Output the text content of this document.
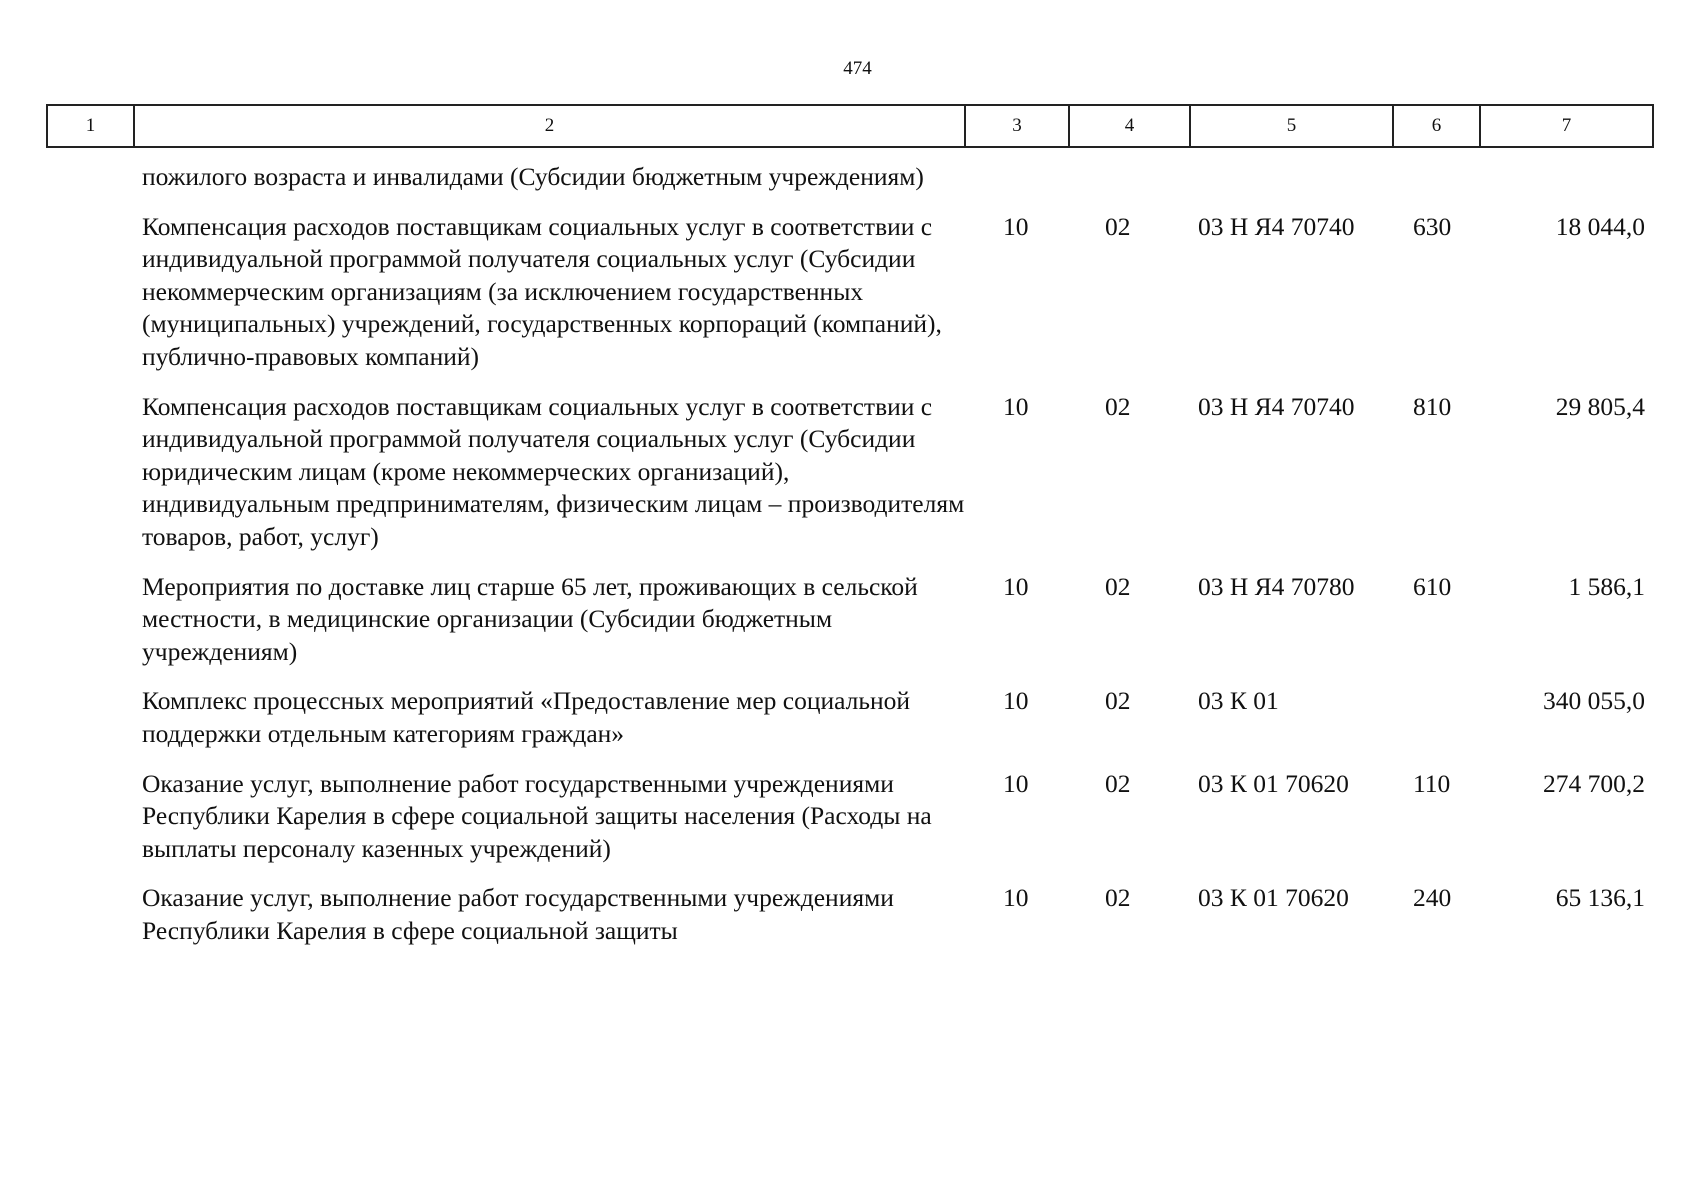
474
1	2	3	4	5	6	7
	пожилого возраста и инвалидами (Субсидии бюджетным учреждениям)					
	Компенсация расходов поставщикам социальных услуг в соответствии с индивидуальной программой получателя социальных услуг (Субсидии некоммерческим организациям (за исключением государственных (муниципальных) учреждений, государственных корпораций (компаний), публично-правовых компаний)	10	02	03 Н Я4 70740	630	18 044,0
	Компенсация расходов поставщикам социальных услуг в соответствии с индивидуальной программой получателя социальных услуг (Субсидии юридическим лицам (кроме некоммерческих организаций), индивидуальным предпринимателям, физическим лицам – производителям товаров, работ, услуг)	10	02	03 Н Я4 70740	810	29 805,4
	Мероприятия по доставке лиц старше 65 лет, проживающих в сельской местности, в медицинские организации (Субсидии бюджетным учреждениям)	10	02	03 Н Я4 70780	610	1 586,1
	Комплекс процессных мероприятий «Предоставление мер социальной поддержки отдельным категориям граждан»	10	02	03 К 01		340 055,0
	Оказание услуг, выполнение работ государственными учреждениями Республики Карелия в сфере социальной защиты населения (Расходы на выплаты персоналу казенных учреждений)	10	02	03 К 01 70620	110	274 700,2
	Оказание услуг, выполнение работ государственными учреждениями Республики Карелия в сфере социальной защиты	10	02	03 К 01 70620	240	65 136,1
